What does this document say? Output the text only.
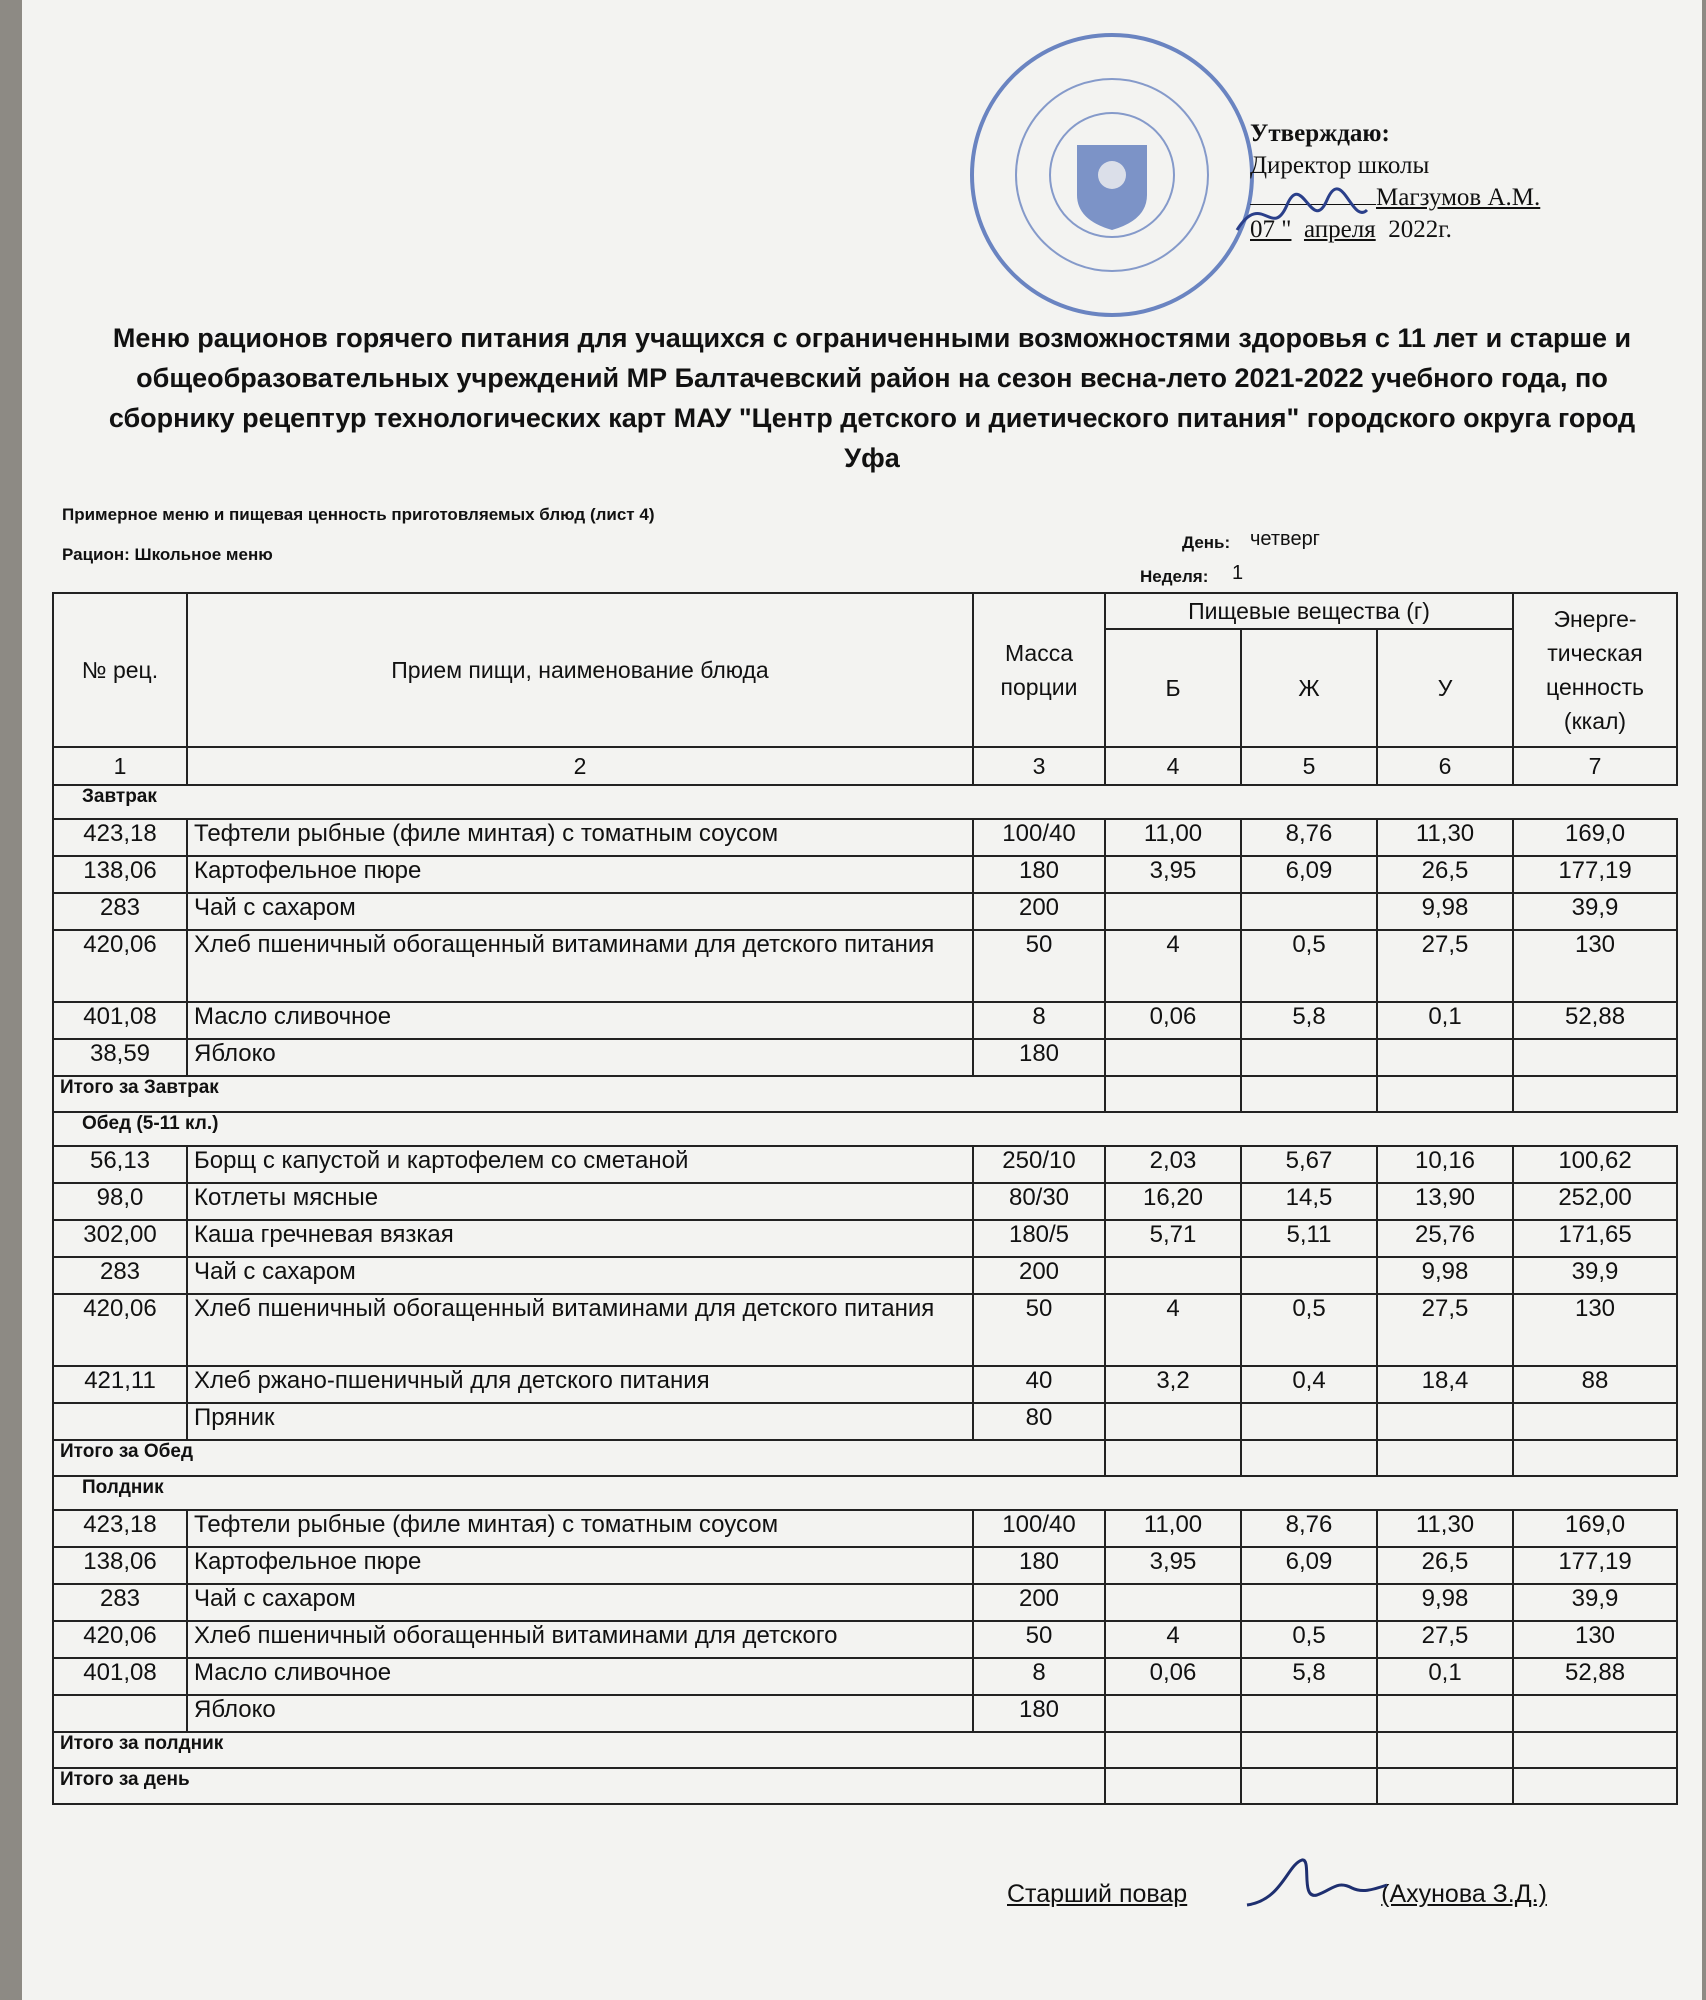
Утверждаю:
Директор школы
Магзумов А.М.
07 " апреля 2022г.
Меню рационов горячего питания для учащихся с ограниченными возможностями здоровья с 11 лет и старше и общеобразовательных учреждений МР Балтачевский район на сезон весна-лето 2021-2022 учебного года, по сборнику рецептур технологических карт МАУ "Центр детского и диетического питания" городского округа город Уфа
Примерное меню и пищевая ценность приготовляемых блюд (лист 4)
Рацион: Школьное меню
День: четверг
Неделя: 1
№ рец.	Прием пищи, наименование блюда	Масса порции	Пищевые вещества (г)			Энерге-тическая ценность (ккал)
			Б	Ж	У	
1	2	3	4	5	6	7
Завтрак						
423,18	Тефтели рыбные (филе минтая) с томатным соусом	100/40	11,00	8,76	11,30	169,0
138,06	Картофельное пюре	180	3,95	6,09	26,5	177,19
283	Чай с сахаром	200			9,98	39,9
420,06	Хлеб пшеничный обогащенный витаминами для детского питания	50	4	0,5	27,5	130
401,08	Масло сливочное	8	0,06	5,8	0,1	52,88
38,59	Яблоко	180				
Итого за Завтрак						
Обед (5-11 кл.)						
56,13	Борщ с капустой и картофелем со сметаной	250/10	2,03	5,67	10,16	100,62
98,0	Котлеты мясные	80/30	16,20	14,5	13,90	252,00
302,00	Каша гречневая вязкая	180/5	5,71	5,11	25,76	171,65
283	Чай с сахаром	200			9,98	39,9
420,06	Хлеб пшеничный обогащенный витаминами для детского питания	50	4	0,5	27,5	130
421,11	Хлеб ржано-пшеничный для детского питания	40	3,2	0,4	18,4	88
	Пряник	80				
Итого за Обед						
Полдник						
423,18	Тефтели рыбные (филе минтая) с томатным соусом	100/40	11,00	8,76	11,30	169,0
138,06	Картофельное пюре	180	3,95	6,09	26,5	177,19
283	Чай с сахаром	200			9,98	39,9
420,06	Хлеб пшеничный обогащенный витаминами для детского	50	4	0,5	27,5	130
401,08	Масло сливочное	8	0,06	5,8	0,1	52,88
	Яблоко	180				
Итого за полдник						
Итого за день						
Старший повар	(Ахунова З.Д.)
